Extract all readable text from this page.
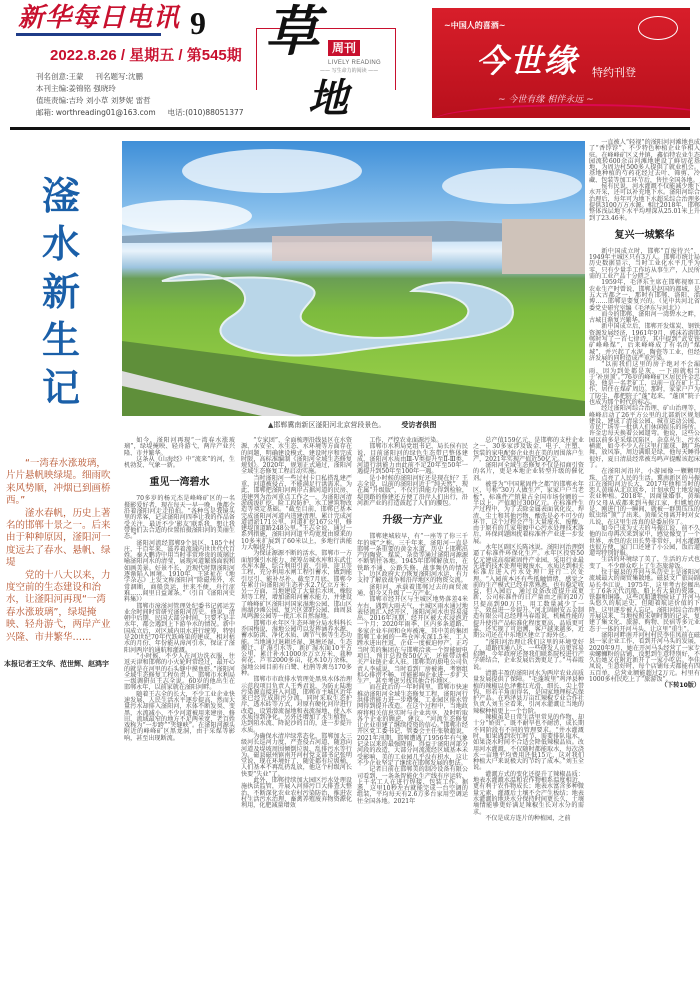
新华每日电讯 9
2022.8.26 / 星期五 / 第545期
刊名创意:王蒙 刊名题写:沈鹏
本刊主编:姜锦铭 强晓玲
值班责编:吉玲 刘小草 刘梦妮 雷哲
邮箱: worthreading01@163.com 电话:(010)88051377
草
地
周刊
LIVELY READING
—— 写生命力的阅读 ——
~中国人的喜酒~
今世缘 特约刊登
~ 今世有缘 相伴永远 ~
滏
水
新
生
记
▲邯郸冀南新区滏阳河北京营段景色。 受访者供图

“一湾春水涨玻璃，片片悬帆映绿堤。细雨吹来风势顺，冲烟已到画桥西。”

滏水春帆，历史上著名的邯郸十景之一。后来由于种种原因，滏阳河一度远去了春水、悬帆、绿堤

党的十八大以来，力度空前的生态建设和治水，让滏阳河再现“一湾春水涨玻璃”，绿堤掩映、轻舟游弋，两岸产业兴隆、市井繁华……

本报记者王文华、范世辉、赵鸿宇

如今，滏阳河再现“一湾春水涨玻璃”，绿堤掩映、轻舟游弋，两岸产业兴隆、市井繁华。

这条从《山海经》中“流来”的河，生机勃发、气象一新。

重见一湾碧水

70多岁的杨元杰是峰峰矿区的一名摄影爱好者，现在每天一早一晚，他都会沿着滏阳河走走拍拍。“各种鸟是我镜头里的常客，记录滏阳河四季让我的作品备受关注，最近不少‘影友’联系我，想让我带他们去合适的位置拍摄滏阳河的美丽生态。”

滏阳河流经邯郸9个县区、185个村庄，千百年来，滋养着流域内世世代代百姓。秦大鹏诗中用当时非常珍贵的玻璃比喻滏阳河水的清莹，展现河道繁盛面貌和如画美景。好景不长，近现代时期滏阳河逐渐陷入困境。1910年，王延祉在《地学杂志》上发文称滏阳河“除磁州外，水常涸断，商船货运，往来不便，舟行涩难……闾里日益萧条。”（引自《滏阳河史料集》）

邯郸市漳滏河管理处纪委书记郭运芳业余时间时常研究滏阳河历史。他说，清朝中后期、民国大部分时间，只要不是丰水年，都会遇到上下游争水的情况。新中国成立后，对区域内用水进行统筹，特别是20世纪70年代跃峰渠的建成，相对枯水的月份、年份能从漳河引水，保证了滏阳河两岸的通航和灌溉。

“小时候，不少人在河边洗衣服，往返天津和邯郸的小火轮时常经过，最开心的就是在河里的石头缝中摸鱼虾。”滏阳河全域生态修复工程负责人、邯郸市水利局一级调研员王志全说。60岁的他出生在邯郸永年，以前家就在滏阳河畔。

随着王志全的长大，不少工业企业快速发展，人民生活水平逐步提高，然而大量污水却排入滏阳河，水体不断发臭、变黑，水流减小，不少河道被用来建房、修田，流域最窄的地方不足两米宽，老百姓戏称为“一步跨”“夹缝峡”。在滏阳河源头附近的峰峰矿区黑龙洞，由于采煤等影响，甚至出现断流。

“专家团”，全面梳理沿线县区在水资源、水安全、水生态、水环境等方面存在的问题，明确建设模式、建设时序和完成时限，高标准编制《滏阳河全域生态修复规划》。2020年，规划正式通过，滏阳河全域生态修复工程启动实施。

当时滏阳河一些过村卡口私搭乱建严重，河道被侵占，不能满足行洪需求。为此，邯郸把滏阳河两岸占据河道的民房、违建列为治河重点工作之一，为滏阳河清淤疏浚扩挖、险工段防护、水工建筑物改造等奠定基础。“截至目前，邯郸已基本完成滏阳河河道内违建清理，累计完成河道清淤171公里，河道扩挖167公里，修建堤顶道路248公里。”王志全说，通过一系列措施，滏阳河河道平均宽度由原来的10多米扩展到了60米以上，多地行洪能力大幅提升。

为保证源源不断的活水，邯郸市一方面加强引水能力，统筹岳城水库和东武仕水库水源，综合利用引黄、引漳、迎卫等工程，充分利用水闸工程引蓄水，做到能引尽引、能补尽补。截至7月底，邯郸今年累计向滏阳河生态补水2.7亿立方米；另一方面，当地建设了大量拦水坝、橡胶坝等工程，增加滏阳河蓄水能力，并建设了峰峰矿区滏阳河国家湿地公园、邯山区南湖沙滩公园、复兴区郊野公园、曲周县凤鸣源公园等一批汇水自然湿地。

邯郸市永年区生态环境分局水科科长乔国梅说，湿地公园可以发挥涵养水源、蓄水防洪、净化水质、调节气候等生态功能。当地通过退耕还湿、退塘还湿、生态搬迁、扩湿引水等，新扩湿水面10平方公里，累计补水1000余万立方米，栽种荷花、芦苇2000多亩，花木10万余株，湿地公园目前有白鹭、杜鹃等禽鸟170多种。

邯郸市市政排水管理处黑臭水体治理示范段项目负责人王秀君说，为防止陆地污染源直接进入河道，邯郸市主城区近年来已经完成雨污分流，同时采取生态护岸、透水砖等方式，对原有硬化河岸进行改造，设置潜流湿地和表流湿地，使入水水质得到净化。另外还增加了水生植物，达到阻水流、降泥沙的目的，进一步提升水质。

为确保水清岸绿常态化，邯郸加大三级河长巡河力度，严查侵占河道、随意向河道及堤坡周围倾倒垃圾、乱排污水等行为。磁县磁州镇南开河村党支部书记张明堂说，现在环境好了，随处都有垃圾桶，人们基本不再乱扔乱放，他这个村级河长快要“失业”了。

此外，邯郸持续加大园区污水处理设施执法监管，开展入河排污口大排查大整治，不断深化农业农村污染防治，推进农村生活污水治理，畜禽养殖废弃物资源化利用，化肥减量增效

工作，严控农业面源污染。

邯郸市水利局党组书记、局长侯有民说，目前滏阳河的绿色生态带已整体建成，滏阳河水质由Ⅲ-Ⅴ类提升至Ⅱ-Ⅲ类，河道行洪能力由此前不足20年至50年一遇提升到50年至100年一遇。

是小时候的滏阳河好还是现在好？王志全说，以前的滏阳河近于“纯天然”，现在属“升级版”，不仅行洪能力得到检验，堤顶路的修建还方便了沿岸人们出行，沿河新产业的打造鼓起了人们的腰包。

升级一方产业

邯郸建城较早，有“一座等了你三千年的城”之称。三千年来，滏阳河一直是邯郸一条重要的黄金水道，历史上邯郸出产的陶瓷、煤炭、杂货等通过滏阳河源源不断销往各地。1945年邯郸解放后，在铁路不通、公路失修、战事频仍的情况下，边区政府大力恢复滏阳河水运，有力支持了解放战争和沿岸地区的物资交流。

滏阳河，承载着邯郸过去的商贸流通，如今又升级了一方产业。

邯郸市经开区与主城区地势落差4米左右，遇到大雨天气，主城区雨水通过地表径流汇入经开区，滏阳河河水也容易溢出。2016年汛期，经开区被大水浸泡近一个月；2020年雨季，区内多条道路、多家企业车间和仓库被淹，其中美的集团邯郸工业园的一些仓库水深1.5米，工人蹚水进出往返，企业一度被迫停产。正巧当时美的集团在与邯郸洽谈一个智能厨电项目，预计总投资50亿元，还能带动相关产业链企业入驻。邯郸美的厨电公司负责人李威说，当时看到厂房被淹，考察组担心排涝不畅，可能影响企业进一步扩大生产，甚至考虑另找其他合作地区。

而在此后的一年时间里，邯郸市快速推动滏阳河全域生态修复工程，滏阳河行洪排涝能力进一步增强，工业园区排水管网得到提升改造。在这个过程中，当地政府将相关信息实时与企业共享，及时听取各个企业的顾虑、建议。“河流生态修复让企业重建了继续投资的信心。”邯郸市经开区党工委书记、管委会主任张敬超说，2021年汛期，邯郸遭遇了1956年有气象记录以来的最强降雨，得益于滏阳河部分河段的改造，大部分河流流经区域基本未受影响，美的工业园几乎没有积水，这让不少企业坚定了继续在邯郸发展的想法。

记者日前在邯郸美的制冷设备有限公司看到，一条条智能化生产线有序运转，上千名工人在进行焊接、包装工作。据悉，这里10秒左右就能完成一台空调的组装，平均每天有2.6万多台家用空调运往全国各地。2021年

总产值159亿元，是邯郸的支柱企业之一，30多家涉及钣金、电子、注塑、包装的家电配套企业也在美的周围落户生产，2021年实现产值近50亿元。

滏阳河全域生态修复不仅是招商引资的名片，更是本地企业转型升级的催化剂。

被誉为“中国紧固件之都”的邯郸永年区，号称“30万人做生产，家家户户当老板”，标准件产销量占全国市场份额的一半以上，产值超过300亿元。在标准件生产过程中，为了去除金属表面氧化皮、焊渣、尘土和其他污物，酸洗是必不可少的环节，这个过程会产生大量废水、废酸，由于原有的几家电镀中心污水处理技术落后，环保问题困扰着标准件产业进一步发展。

永年区副区长陈冰说，滏阳河治理倒逼了标准件环保化生产。永年区投资50亿元建成高端紧固件产业园，采用行业最先进的技术处理电镀废水，水质达到相关标准后进入污水处理厂进行二次处理。“入园前本还有些抵触情绪，感觉之前的生产模式已经非常熟悉，也有稳定收益，但入园后，通过设备改造提升或更新，公司标准件的日产量由之前的20万只提高到90万只，用工数量减少了一半，效益进一步提升。”河北固耐安五金制造有限公司总经理马春霞说，机械性能的提升使得产品标准化程度更高，品质更可靠，还实现了可追溯，客户越来越多，近期公司还在中东地区建立了海外仓。

“滏阳河治理让我们这里的环境变好了，道路四通八达，一些研发人员更容易招聘，今年政府还督我们联系院校进行产学研结合，企业发展后劲更足了。”马春霞说。

清澈丰盈的滏阳河水为两岸农业高质量发展提供了保障。“毛蓬坡里”鸡泽县种植的辣椒以色泽紫红光滑、细长、尖上带钩、形若羊角而得名，是国家地理标志保护产品。在鸡泽县万亩红辣椒专业合作社负责人刘玉全看来，引河水灌溉让当地的辣椒种植更上一个台阶。

辣椒虽是日常生活里常见的作物，却十分“娇贵”，既不耐旱也不耐涝，成长期不同阶段有不同的管理要求。“井水灌溉时，如果遇到农忙时节，需要排队取水，如果浇水时间不合适会降低辣椒品质。改用河水灌溉，不仅随时都能取水，每次浇水一亩地平均费用还低15元，这对我们种植大户来说极大的节约了成本。”刘玉全说。

灌溉方式的变化还提升了辣椒品质：地表水灌溉水温和农作物根系温度相近，更有利于农作物成长；地表水富含多种微量元素，灌溉后土壤不会产生板结；地表水灌溉的地块水分保持时间更长久，土壤墒情能够更好满足辣椒生长对水分的需求。

不仅是成方连片的种植园，之前

一直被人“轻视”的滏阳河河滩地也成了“香饽饽”，不少特色种植企业争相入驻。在峰峰矿区义井镇，鑫佰特农业生态园流转600余亩河滩地建设了鲜切花基地，为周边村500多人提供了就业机会。基地种植的芍药花经过去叶、筛剪、冷藏、包装等加工环节后，售往全国各地。

侯有民说，河水灌溉不仅能减少地下水开采，还可以补充地下水。滏阳河综合治理后，每年可为地下水超采综合治理多提供3100万方水源。相比2018年，邯郸整体浅层地下水平均埋深从25.01米上升到了23.46米。

复兴一城繁华

新中国成立时，邯郸“百废待兴”，1949年主城区只有3万人。邯郸市统计局历史数据显示，当时工业化水平几乎为零，只有少量手工作坊从事生产，人民所需的工业产品十分匮乏。

1959年，毛泽东主席在邯郸视察工农业生产时曾说，邯郸是赵国的都城，是五大古都之一，那时有邯郸、洛阳、淄博……邯郸是要复兴的。（见中共河北省委党史研究室编《毛泽东与河北》）

而今的邯郸，滏阳河一湾碧水之畔，古城日渐复兴繁华。

新中国成立后，邯郸开发煤炭、钢铁资源发展经济，1961年9月，郭沫若游邯郸时写了一首七律诗，其中提到“武安铁矿峰峰煤”，后来峰峰成了有名的“煤城”，并兴起了水泥、陶瓷等工业，但经济发展的同时造成严重污染。

“以前我们这里的房子绝对不会漏雨，因为到处都是灰，一下雨就相当于‘补房顶’。”76岁的峰峰矿区居民许金忠说，他是一名老矿工，以前一直在矿上工作，居住在煤矿周边。那时，家家户户为了防尘，都把院子“蓬”起来，“蓬顶”院子也成为那个时代的标志。

经过滏阳河综合治理、矿山治理等，峰峰启动了26平方公里的北部新区规划建设，建成了清泉公园、城市运动公园、市民广场等一批供人们休闲娱乐的场所。许金忠每天换着公园遛弯。他说，这些公园以前多是采煤沉陷区，杂草丛生、污水横流，如今不少人在这里打篮球、跳广场舞、放风筝，周边满眼是绿，他每天睡得很好，夏日清晨经常被鸟鸣声提醒该起床了。

在滏阳河沿岸，小游园像一颗颗明珠，点亮了人民的生活。冀南新区的马振江在滏阳河边长大，2017年他和当时的恋人黄瑶从北京返乡，计划承包土地发展农业种植。2018年，因商量婚事，黄瑶的父母从成都来到马振江家，但尴尬的是，刚进门的一瞬间，就被一群黑压压的蚊虫给“顶”了出来。黄瑶父母离开时对女儿说，在这里生活真的是委屈你了。

如今已成为丈夫的马振江说，前不久他的岳母再次来到家中，感觉像变了一个世界，承包的农田长势非常好，河水灌溉也很方便，家门口还建了小公园，饭后遛遛弯特别舒服。

生活的环境绿了美了，生活的方式也变了，不少群众吃上了生态旅游饭。

位于磁县的开河马头历史上是滏阳河流域最大的商贸集散地。磁县文广旅局副局长李江说，1975年，这里考古挖掘出土了6条元代沉船，船上有大量的瓷器、铁器和铜器，这些沉船遗物验证了开河马头悠久的航运史，但随着航运价值的下降，这里逐步被人忘记。滏阳河综合治理开展以来，当地按照宋朝时期的记录，复建了集文化、旅游、购物、民宿等多元业态于一体的开河马头，让这里“重生”。

滏阳河畔南开河村村民李佳凤前在磁县一家企业工作，看到开河马头的发展，2020年9月，她在开河马头经营了一家专卖螺蛳粉的店铺，没想到生意特别好，不久后她又在附近新开了一家小吃店。李佳凤说，生意好时，每个店铺每天都能有四五百单，总营业额能超过2万元。村里有1000多村民吃上了“旅游饭”。
（下转10版）
